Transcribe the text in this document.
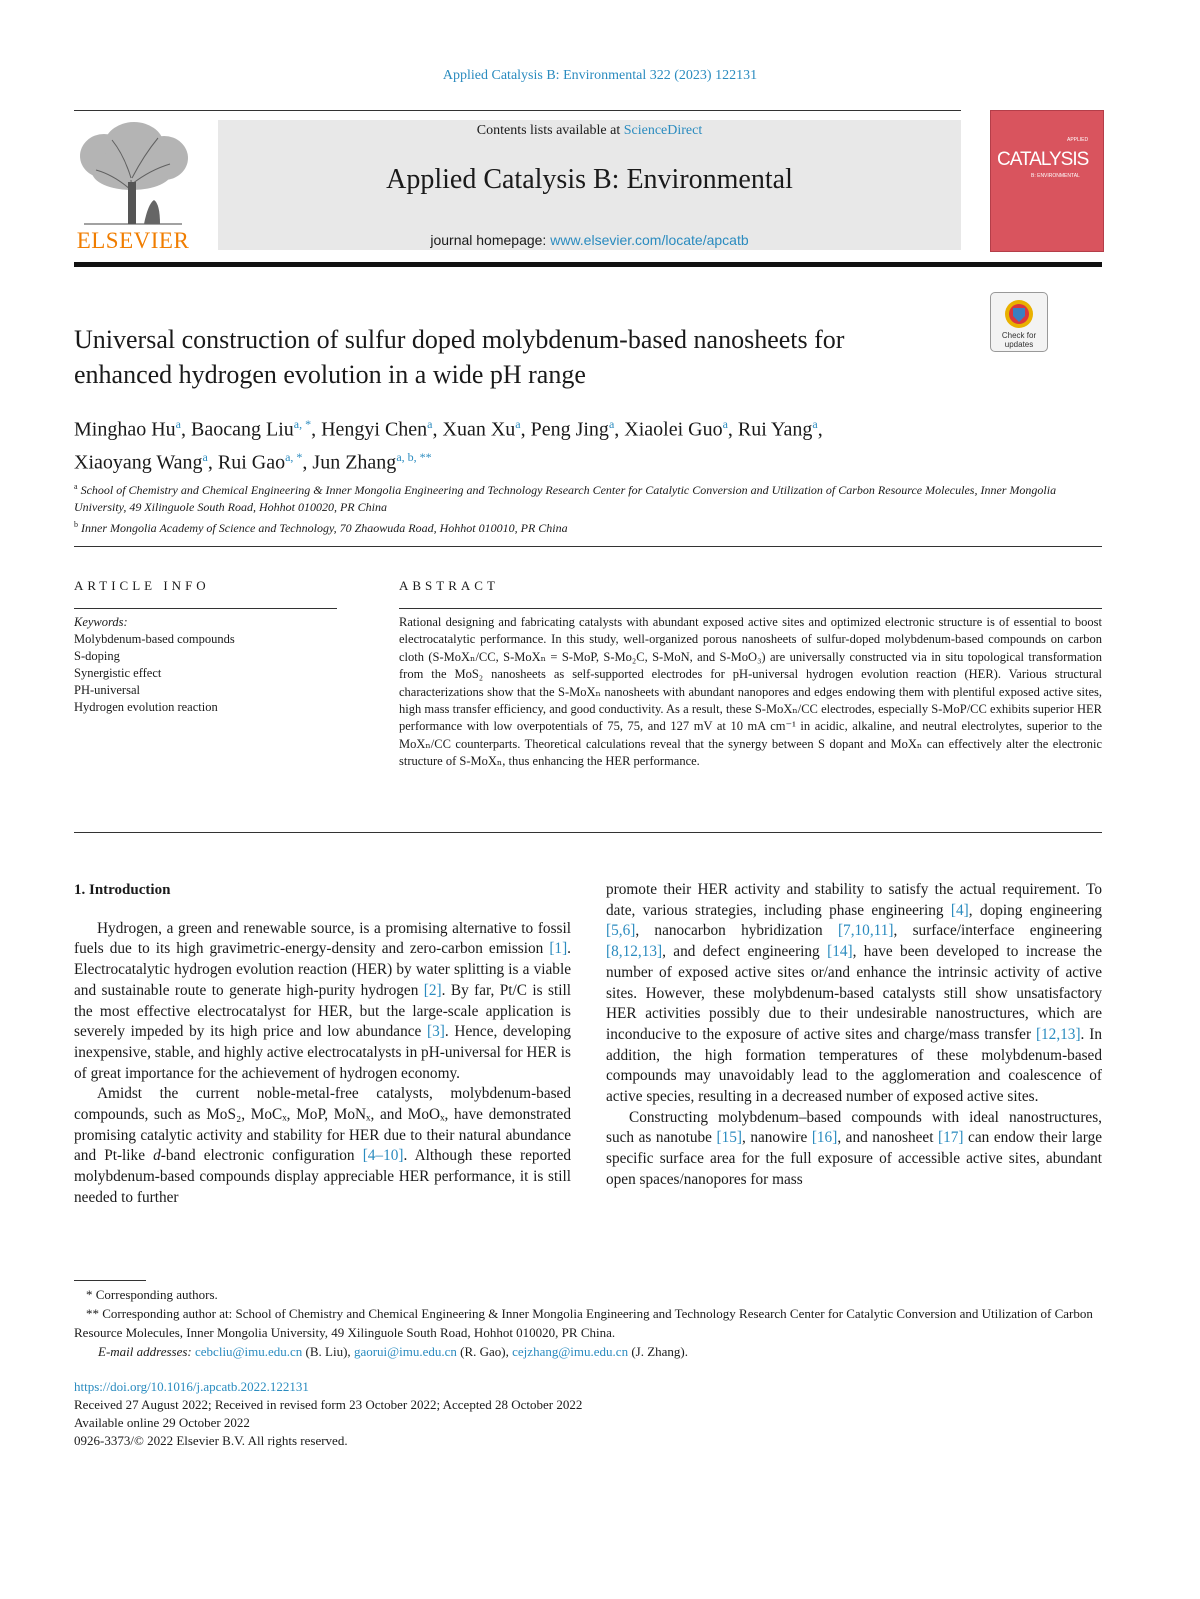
Applied Catalysis B: Environmental 322 (2023) 122131
ELSEVIER
Contents lists available at ScienceDirect
Applied Catalysis B: Environmental
journal homepage: www.elsevier.com/locate/apcatb
APPLIED
CATALYSIS
B: ENVIRONMENTAL
Universal construction of sulfur doped molybdenum-based nanosheets for
enhanced hydrogen evolution in a wide pH range
Check for
updates
Minghao Hu$^a$, Baocang Liu$^{a, *}$, Hengyi Chen$^a$, Xuan Xu$^a$, Peng Jing$^a$, Xiaolei Guo$^a$, Rui Yang$^a$,
Xiaoyang Wang$^a$, Rui Gao$^{a, *}$, Jun Zhang$^{a, b, **}$
$^a$ School of Chemistry and Chemical Engineering & Inner Mongolia Engineering and Technology Research Center for Catalytic Conversion and Utilization of Carbon Resource Molecules, Inner Mongolia University, 49 Xilinguole South Road, Hohhot 010020, PR China
$^b$ Inner Mongolia Academy of Science and Technology, 70 Zhaowuda Road, Hohhot 010010, PR China
ARTICLE INFO
Keywords:
Molybdenum-based compounds
S-doping
Synergistic effect
PH-universal
Hydrogen evolution reaction
ABSTRACT
Rational designing and fabricating catalysts with abundant exposed active sites and optimized electronic structure is of essential to boost electrocatalytic performance. In this study, well-organized porous nanosheets of sulfur-doped molybdenum-based compounds on carbon cloth (S-MoXₙ/CC, S-MoXₙ = S-MoP, S-Mo₂C, S-MoN, and S-MoO₃) are universally constructed via in situ topological transformation from the MoS₂ nanosheets as self-supported electrodes for pH-universal hydrogen evolution reaction (HER). Various structural characterizations show that the S-MoXₙ nanosheets with abundant nanopores and edges endowing them with plentiful exposed active sites, high mass transfer efficiency, and good conductivity. As a result, these S-MoXₙ/CC electrodes, especially S-MoP/CC exhibits superior HER performance with low overpotentials of 75, 75, and 127 mV at 10 mA cm⁻¹ in acidic, alkaline, and neutral electrolytes, superior to the MoXₙ/CC counterparts. Theoretical calculations reveal that the synergy between S dopant and MoXₙ can effectively alter the electronic structure of S-MoXₙ, thus enhancing the HER performance.

1. Introduction

Hydrogen, a green and renewable source, is a promising alternative to fossil fuels due to its high gravimetric-energy-density and zero-carbon emission [1]. Electrocatalytic hydrogen evolution reaction (HER) by water splitting is a viable and sustainable route to generate high-purity hydrogen [2]. By far, Pt/C is still the most effective electrocatalyst for HER, but the large-scale application is severely impeded by its high price and low abundance [3]. Hence, developing inexpensive, stable, and highly active electrocatalysts in pH-universal for HER is of great importance for the achievement of hydrogen economy.

Amidst the current noble-metal-free catalysts, molybdenum-based compounds, such as MoS₂, MoCₓ, MoP, MoNₓ, and MoOₓ, have demonstrated promising catalytic activity and stability for HER due to their natural abundance and Pt-like d-band electronic configuration [4–10]. Although these reported molybdenum-based compounds display appreciable HER performance, it is still needed to further

promote their HER activity and stability to satisfy the actual requirement. To date, various strategies, including phase engineering [4], doping engineering [5,6], nanocarbon hybridization [7,10,11], surface/interface engineering [8,12,13], and defect engineering [14], have been developed to increase the number of exposed active sites or/and enhance the intrinsic activity of active sites. However, these molybdenum-based catalysts still show unsatisfactory HER activities possibly due to their undesirable nanostructures, which are inconducive to the exposure of active sites and charge/mass transfer [12,13]. In addition, the high formation temperatures of these molybdenum-based compounds may unavoidably lead to the agglomeration and coalescence of active species, resulting in a decreased number of exposed active sites.

Constructing molybdenum–based compounds with ideal nanostructures, such as nanotube [15], nanowire [16], and nanosheet [17] can endow their large specific surface area for the full exposure of accessible active sites, abundant open spaces/nanopores for mass

* Corresponding authors.

** Corresponding author at: School of Chemistry and Chemical Engineering & Inner Mongolia Engineering and Technology Research Center for Catalytic Conversion and Utilization of Carbon Resource Molecules, Inner Mongolia University, 49 Xilinguole South Road, Hohhot 010020, PR China.

E-mail addresses: cebcliu@imu.edu.cn (B. Liu), gaorui@imu.edu.cn (R. Gao), cejzhang@imu.edu.cn (J. Zhang).

https://doi.org/10.1016/j.apcatb.2022.122131
Received 27 August 2022; Received in revised form 23 October 2022; Accepted 28 October 2022
Available online 29 October 2022
0926-3373/© 2022 Elsevier B.V. All rights reserved.
